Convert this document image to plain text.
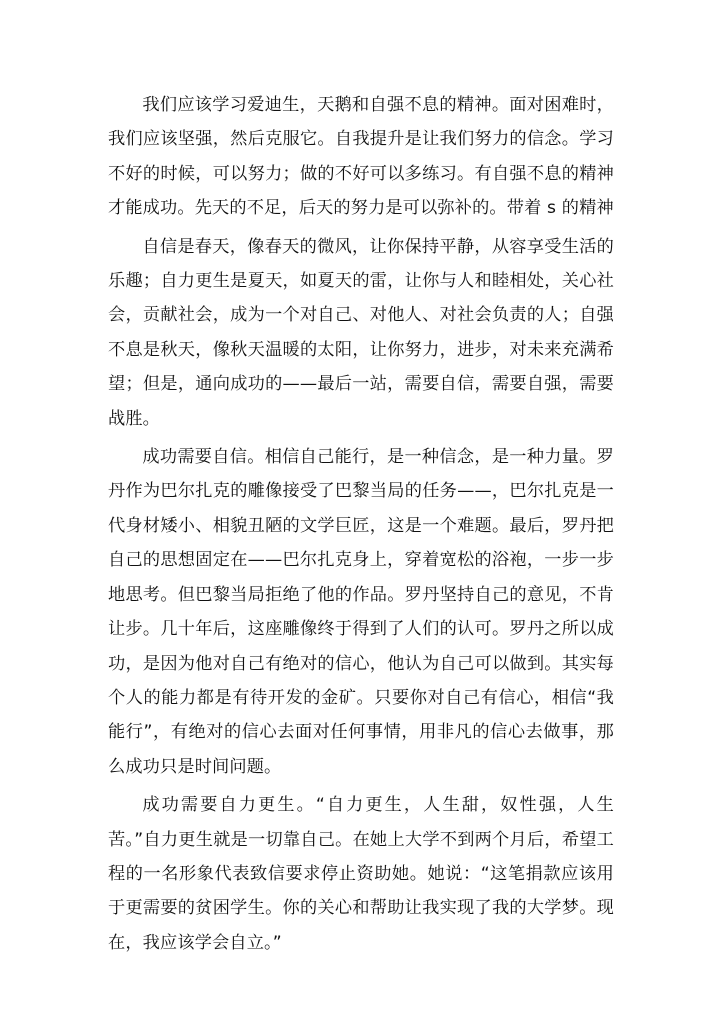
我们应该学习爱迪生，天鹅和自强不息的精神。面对困难时，我们应该坚强，然后克服它。自我提升是让我们努力的信念。学习不好的时候，可以努力；做的不好可以多练习。有自强不息的精神才能成功。先天的不足，后天的努力是可以弥补的。带着 s 的精神

自信是春天，像春天的微风，让你保持平静，从容享受生活的乐趣；自力更生是夏天，如夏天的雷，让你与人和睦相处，关心社会，贡献社会，成为一个对自己、对他人、对社会负责的人；自强不息是秋天，像秋天温暖的太阳，让你努力，进步，对未来充满希望；但是，通向成功的——最后一站，需要自信，需要自强，需要战胜。

成功需要自信。相信自己能行，是一种信念，是一种力量。罗丹作为巴尔扎克的雕像接受了巴黎当局的任务——，巴尔扎克是一代身材矮小、相貌丑陋的文学巨匠，这是一个难题。最后，罗丹把自己的思想固定在——巴尔扎克身上，穿着宽松的浴袍，一步一步地思考。但巴黎当局拒绝了他的作品。罗丹坚持自己的意见，不肯让步。几十年后，这座雕像终于得到了人们的认可。罗丹之所以成功，是因为他对自己有绝对的信心，他认为自己可以做到。其实每个人的能力都是有待开发的金矿。只要你对自己有信心，相信“我能行”，有绝对的信心去面对任何事情，用非凡的信心去做事，那么成功只是时间问题。

成功需要自力更生。“自力更生，人生甜，奴性强，人生苦。”自力更生就是一切靠自己。在她上大学不到两个月后，希望工程的一名形象代表致信要求停止资助她。她说：“这笔捐款应该用于更需要的贫困学生。你的关心和帮助让我实现了我的大学梦。现在，我应该学会自立。”
